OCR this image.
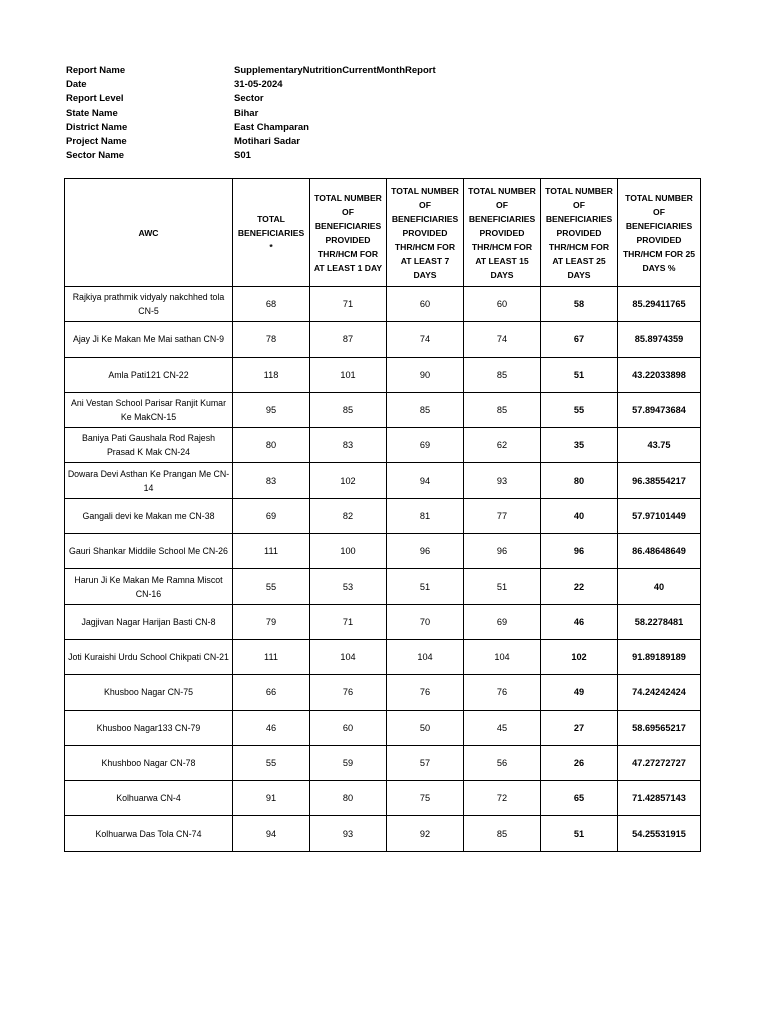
Report Name	SupplementaryNutritionCurrentMonthReport
Date	31-05-2024
Report Level	Sector
State Name	Bihar
District Name	East Champaran
Project Name	Motihari Sadar
Sector Name	S01
AWC	TOTAL BENEFICIARIES *	TOTAL NUMBER OF BENEFICIARIES PROVIDED THR/HCM FOR AT LEAST 1 DAY	TOTAL NUMBER OF BENEFICIARIES PROVIDED THR/HCM FOR AT LEAST 7 DAYS	TOTAL NUMBER OF BENEFICIARIES PROVIDED THR/HCM FOR AT LEAST 15 DAYS	TOTAL NUMBER OF BENEFICIARIES PROVIDED THR/HCM FOR AT LEAST 25 DAYS	TOTAL NUMBER OF BENEFICIARIES PROVIDED THR/HCM FOR 25 DAYS %
Rajkiya prathmik vidyaly nakchhed tola CN-5	68	71	60	60	58	85.29411765
Ajay Ji Ke Makan Me Mai sathan CN-9	78	87	74	74	67	85.8974359
Amla Pati121 CN-22	118	101	90	85	51	43.22033898
Ani Vestan School Parisar Ranjit Kumar Ke MakCN-15	95	85	85	85	55	57.89473684
Baniya Pati Gaushala Rod Rajesh Prasad K Mak CN-24	80	83	69	62	35	43.75
Dowara Devi Asthan Ke Prangan Me CN-14	83	102	94	93	80	96.38554217
Gangali devi ke Makan me CN-38	69	82	81	77	40	57.97101449
Gauri Shankar Middile School Me CN-26	111	100	96	96	96	86.48648649
Harun Ji Ke Makan Me Ramna Miscot CN-16	55	53	51	51	22	40
Jagjivan Nagar Harijan Basti CN-8	79	71	70	69	46	58.2278481
Joti Kuraishi Urdu School Chikpati CN-21	111	104	104	104	102	91.89189189
Khusboo Nagar CN-75	66	76	76	76	49	74.24242424
Khusboo Nagar133 CN-79	46	60	50	45	27	58.69565217
Khushboo Nagar CN-78	55	59	57	56	26	47.27272727
Kolhuarwa CN-4	91	80	75	72	65	71.42857143
Kolhuarwa Das Tola CN-74	94	93	92	85	51	54.25531915
